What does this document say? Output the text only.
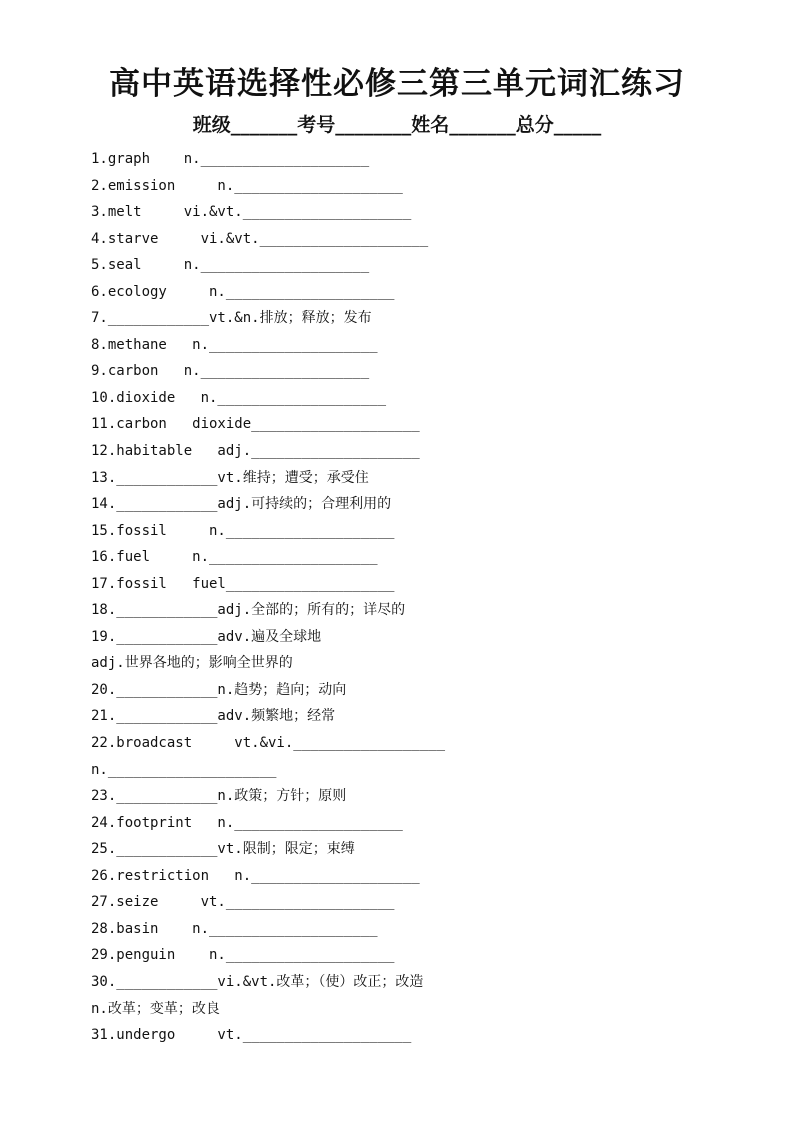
高中英语选择性必修三第三单元词汇练习
班级_______考号________姓名_______总分_____
1.graph    n.____________________
2.emission     n.____________________
3.melt     vi.&vt.____________________
4.starve     vi.&vt.____________________
5.seal     n.____________________
6.ecology     n.____________________
7.____________vt.&n.排放；释放；发布
8.methane   n.____________________
9.carbon   n.____________________
10.dioxide   n.____________________
11.carbon   dioxide____________________
12.habitable   adj.____________________
13.____________vt.维持；遭受；承受住
14.____________adj.可持续的；合理利用的
15.fossil     n.____________________
16.fuel     n.____________________
17.fossil   fuel____________________
18.____________adj.全部的；所有的；详尽的
19.____________adv.遍及全球地
adj.世界各地的；影响全世界的
20.____________n.趋势；趋向；动向
21.____________adv.频繁地；经常
22.broadcast     vt.&vi.__________________
n.____________________
23.____________n.政策；方针；原则
24.footprint   n.____________________
25.____________vt.限制；限定；束缚
26.restriction   n.____________________
27.seize     vt.____________________
28.basin    n.____________________
29.penguin    n.____________________
30.____________vi.&vt.改革；（使）改正；改造
n.改革；变革；改良
31.undergo     vt.____________________
